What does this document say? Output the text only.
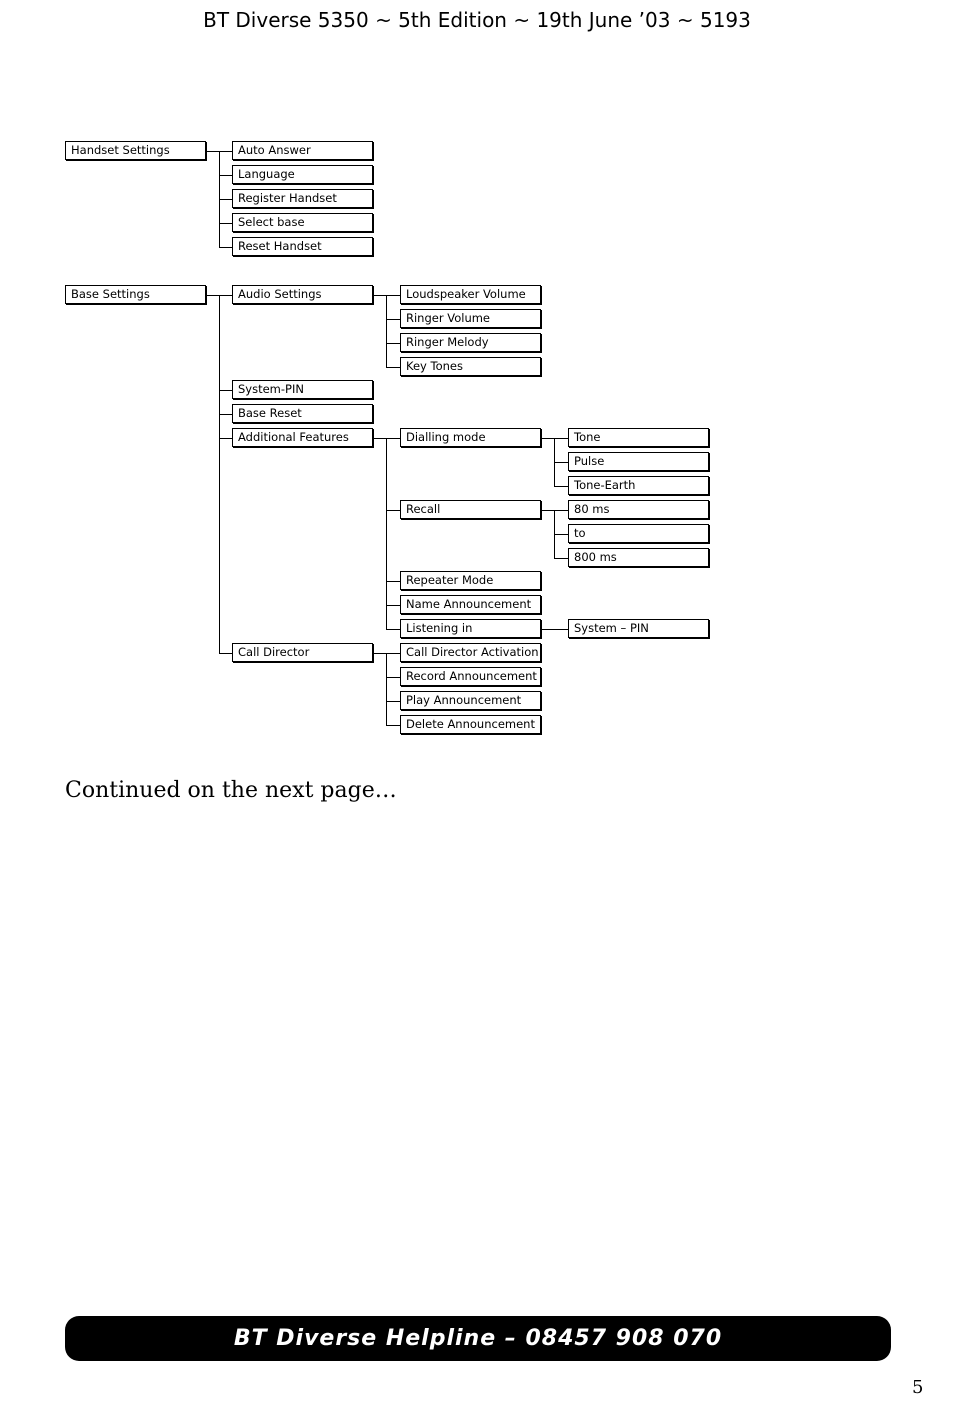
BT Diverse 5350 ~ 5th Edition ~ 19th June ’03 ~ 5193
Handset Settings	Auto Answer
Language
Register Handset
Select base
Reset Handset
Base Settings	Audio Settings	Loudspeaker Volume
Ringer Volume
Ringer Melody
Key Tones
System-PIN
Base Reset
Additional Features	Dialling mode	Tone
Pulse
Tone-Earth
Recall	80 ms
to
800 ms
Repeater Mode
Name Announcement
Listening in	System – PIN
Call Director	Call Director Activation
Record Announcement
Play Announcement
Delete Announcement
Continued on the next page…
BT Diverse Helpline – 08457 908 070
5
